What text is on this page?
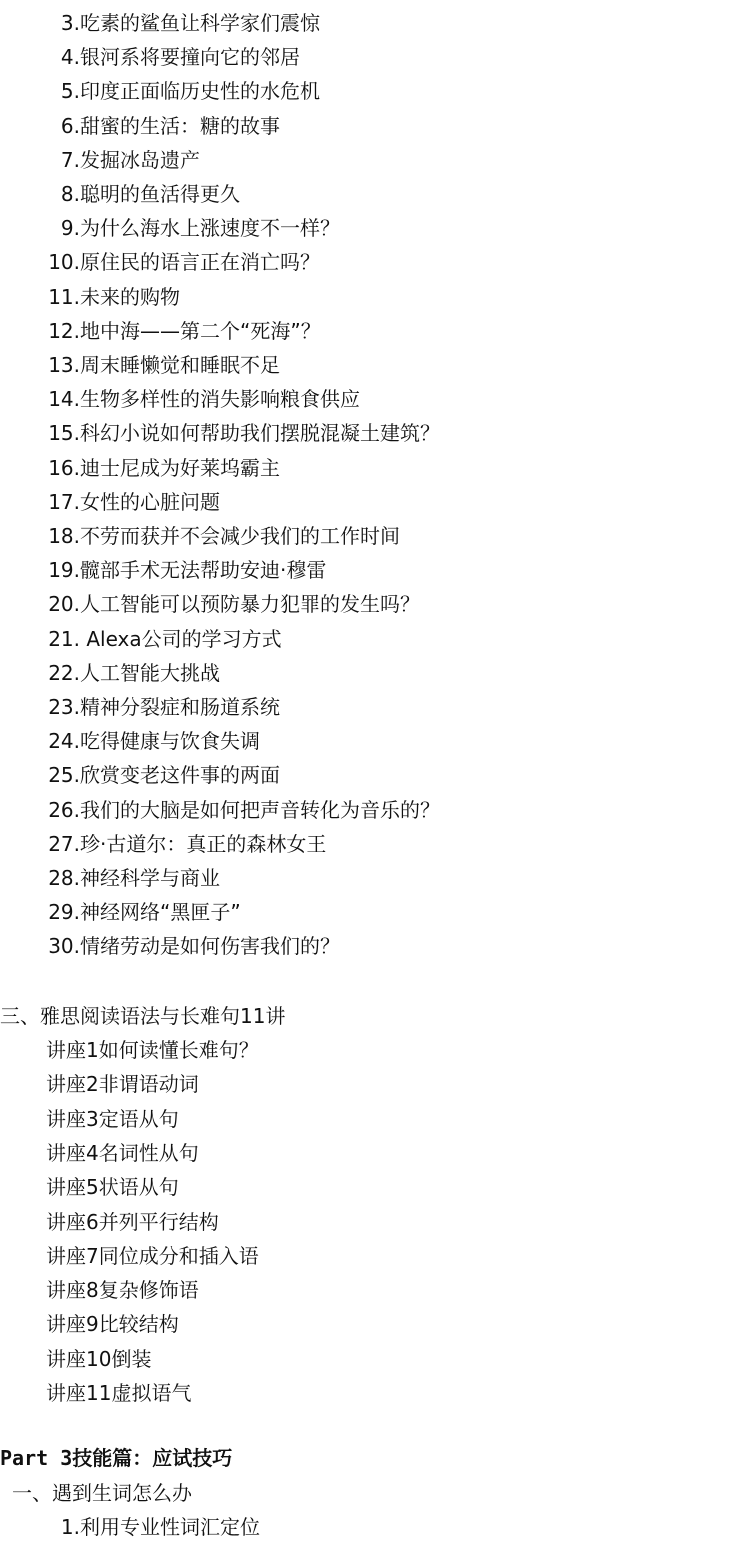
3.吃素的鲨鱼让科学家们震惊
4.银河系将要撞向它的邻居
5.印度正面临历史性的水危机
6.甜蜜的生活：糖的故事
7.发掘冰岛遗产
8.聪明的鱼活得更久
9.为什么海水上涨速度不一样？
10.原住民的语言正在消亡吗？
11.未来的购物
12.地中海——第二个“死海”？
13.周末睡懒觉和睡眠不足
14.生物多样性的消失影响粮食供应
15.科幻小说如何帮助我们摆脱混凝土建筑？
16.迪士尼成为好莱坞霸主
17.女性的心脏问题
18.不劳而获并不会减少我们的工作时间
19.髋部手术无法帮助安迪·穆雷
20.人工智能可以预防暴力犯罪的发生吗？
21. Alexa公司的学习方式
22.人工智能大挑战
23.精神分裂症和肠道系统
24.吃得健康与饮食失调
25.欣赏变老这件事的两面
26.我们的大脑是如何把声音转化为音乐的？
27.珍·古道尔：真正的森林女王
28.神经科学与商业
29.神经网络“黑匣子”
30.情绪劳动是如何伤害我们的？
三、雅思阅读语法与长难句11讲
讲座1如何读懂长难句？
讲座2非谓语动词
讲座3定语从句
讲座4名词性从句
讲座5状语从句
讲座6并列平行结构
讲座7同位成分和插入语
讲座8复杂修饰语
讲座9比较结构
讲座10倒装
讲座11虚拟语气
Part 3技能篇：应试技巧
一、遇到生词怎么办
1.利用专业性词汇定位
